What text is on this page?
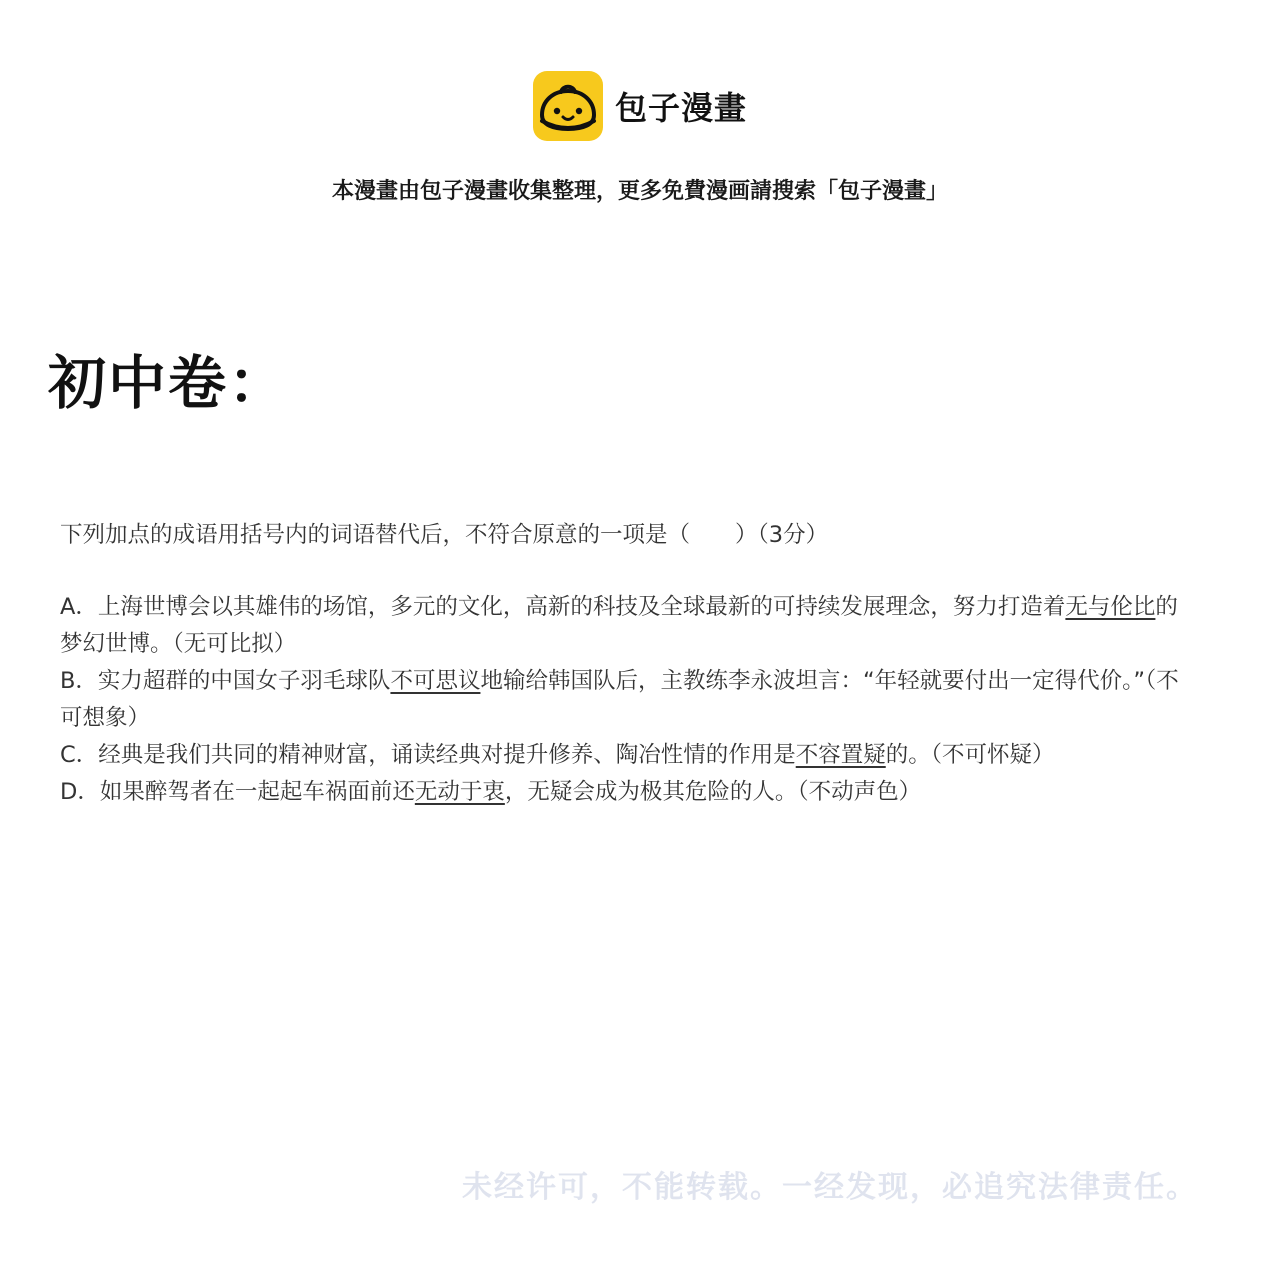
包子漫畫
本漫畫由包子漫畫收集整理，更多免費漫画請搜索「包子漫畫」
初中卷：

下列加点的成语用括号内的词语替代后，不符合原意的一项是（　　）（3分）

A．上海世博会以其雄伟的场馆，多元的文化，高新的科技及全球最新的可持续发展理念，努力打造着无与伦比的梦幻世博。（无可比拟）

B．实力超群的中国女子羽毛球队不可思议地输给韩国队后，主教练李永波坦言：“年轻就要付出一定得代价。”（不可想象）

C．经典是我们共同的精神财富，诵读经典对提升修养、陶冶性情的作用是不容置疑的。（不可怀疑）

D．如果醉驾者在一起起车祸面前还无动于衷，无疑会成为极其危险的人。（不动声色）

未经许可，不能转载。一经发现，必追究法律责任。
